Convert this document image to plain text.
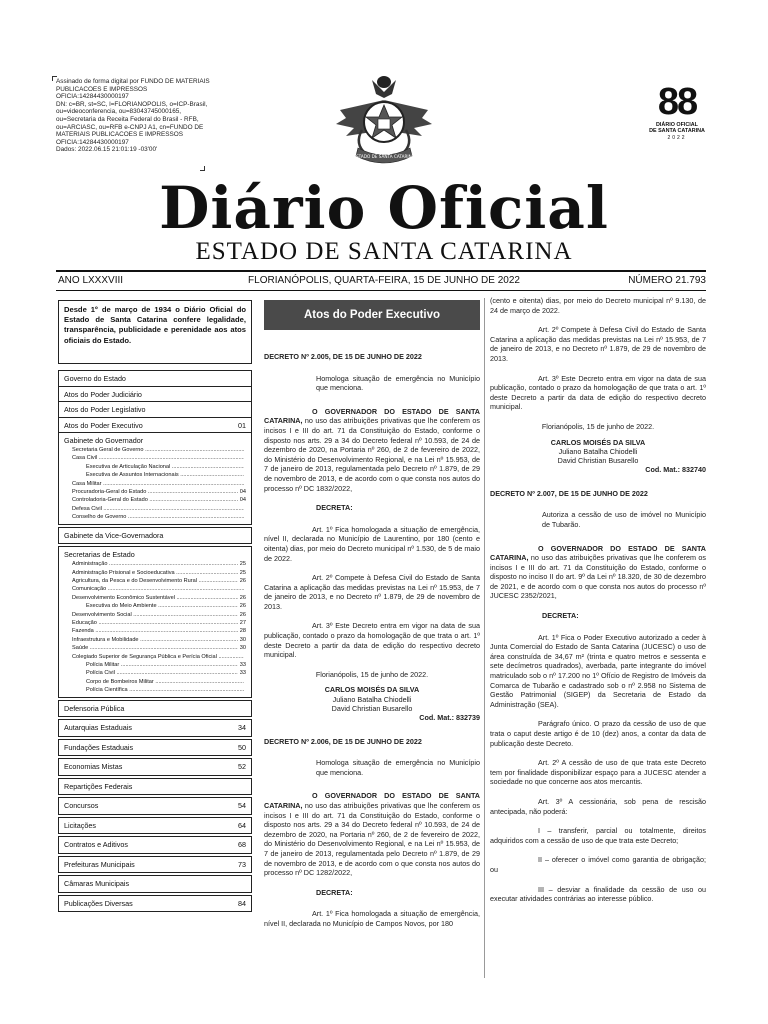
Assinado de forma digital por FUNDO DE MATERIAIS PUBLICACOES E IMPRESSOS OFICIA:14284430000197
DN: c=BR, st=SC, l=FLORIANOPOLIS, o=ICP-Brasil, ou=videoconferencia, ou=83043745000165, ou=Secretaria da Receita Federal do Brasil - RFB, ou=ARCIASC, ou=RFB e-CNPJ A1, cn=FUNDO DE MATERIAIS PUBLICACOES E IMPRESSOS OFICIA:14284430000197
Dados: 2022.06.15 21:01:19 -03'00'
ESTADO DE SANTA CATARINA
88
DIÁRIO OFICIAL
DE SANTA CATARINA
2022
Diário Oficial
ESTADO DE SANTA CATARINA
ANO LXXXVIII	FLORIANÓPOLIS, QUARTA-FEIRA, 15 DE JUNHO DE 2022	NÚMERO 21.793
Desde 1º de março de 1934 o Diário Oficial do Estado de Santa Catarina confere legalidade, transparência, publicidade e perenidade aos atos oficiais do Estado.
Governo do Estado
Atos do Poder Judiciário
Atos do Poder Legislativo
Atos do Poder Executivo	01
Gabinete do Governador
Secretaria Geral de Governo .....
Casa Civil .....
Executiva de Articulação Nacional .....
Executiva de Assuntos Internacionais .....
Casa Militar .....
Procuradoria-Geral do Estado .....	04
Controladoria-Geral do Estado .....	04
Defesa Civil .....
Conselho de Governo .....
Gabinete da Vice-Governadora
Secretarias de Estado
Administração .....	25
Administração Prisional e Socioeducativa .....	25
Agricultura, da Pesca e do Desenvolvimento Rural .....	26
Comunicação .....
Desenvolvimento Econômico Sustentável .....	26
Executiva do Meio Ambiente .....	26
Desenvolvimento Social .....	26
Educação .....	27
Fazenda .....	28
Infraestrutura e Mobilidade .....	30
Saúde .....	30
Colegiado Superior de Segurança Pública e Perícia Oficial .....
Polícia Militar .....	33
Polícia Civil .....	33
Corpo de Bombeiros Militar .....
Polícia Científica .....
Defensoria Pública
Autarquias Estaduais	34
Fundações Estaduais	50
Economias Mistas	52
Repartições Federais
Concursos	54
Licitações	64
Contratos e Aditivos	68
Prefeituras Municipais	73
Câmaras Municipais
Publicações Diversas	84
Atos do Poder Executivo
DECRETO Nº 2.005, DE 15 DE JUNHO DE 2022
Homologa situação de emergência no Município que menciona.
O GOVERNADOR DO ESTADO DE SANTA CATARINA, no uso das atribuições privativas que lhe conferem os incisos I e III do art. 71 da Constituição do Estado, conforme o disposto nos arts. 29 a 34 do Decreto federal nº 10.593, de 24 de dezembro de 2020, na Portaria nº 260, de 2 de fevereiro de 2022, do Ministério do Desenvolvimento Regional, e na Lei nº 15.953, de 7 de janeiro de 2013, regulamentada pelo Decreto nº 1.879, de 29 de novembro de 2013, e de acordo com o que consta nos autos do processo nº DC 1832/2022,
DECRETA:
Art. 1º Fica homologada a situação de emergência, nível II, declarada no Município de Laurentino, por 180 (cento e oitenta) dias, por meio do Decreto municipal nº 1.530, de 5 de maio de 2022.
Art. 2º Compete à Defesa Civil do Estado de Santa Catarina a aplicação das medidas previstas na Lei nº 15.953, de 7 de janeiro de 2013, e no Decreto nº 1.879, de 29 de novembro de 2013.
Art. 3º Este Decreto entra em vigor na data de sua publicação, contado o prazo da homologação de que trata o art. 1º deste Decreto a partir da data de edição do respectivo decreto municipal.
Florianópolis, 15 de junho de 2022.
CARLOS MOISÉS DA SILVA
Juliano Batalha Chiodelli
David Christian Busarello
Cod. Mat.: 832739
DECRETO Nº 2.006, DE 15 DE JUNHO DE 2022
Homologa situação de emergência no Município que menciona.
O GOVERNADOR DO ESTADO DE SANTA CATARINA, no uso das atribuições privativas que lhe conferem os incisos I e III do art. 71 da Constituição do Estado, conforme o disposto nos arts. 29 a 34 do Decreto federal nº 10.593, de 24 de dezembro de 2020, na Portaria nº 260, de 2 de fevereiro de 2022, do Ministério do Desenvolvimento Regional, e na Lei nº 15.953, de 7 de janeiro de 2013, regulamentada pelo Decreto nº 1.879, de 29 de novembro de 2013, e de acordo com o que consta nos autos do processo nº DC 1282/2022,
DECRETA:
Art. 1º Fica homologada a situação de emergência, nível II, declarada no Município de Campos Novos, por 180
(cento e oitenta) dias, por meio do Decreto municipal nº 9.130, de 24 de março de 2022.
Art. 2º Compete à Defesa Civil do Estado de Santa Catarina a aplicação das medidas previstas na Lei nº 15.953, de 7 de janeiro de 2013, e no Decreto nº 1.879, de 29 de novembro de 2013.
Art. 3º Este Decreto entra em vigor na data de sua publicação, contado o prazo da homologação de que trata o art. 1º deste Decreto a partir da data de edição do respectivo decreto municipal.
Florianópolis, 15 de junho de 2022.
CARLOS MOISÉS DA SILVA
Juliano Batalha Chiodelli
David Christian Busarello
Cod. Mat.: 832740
DECRETO Nº 2.007, DE 15 DE JUNHO DE 2022
Autoriza a cessão de uso de imóvel no Município de Tubarão.
O GOVERNADOR DO ESTADO DE SANTA CATARINA, no uso das atribuições privativas que lhe conferem os incisos I e III do art. 71 da Constituição do Estado, conforme o disposto no inciso II do art. 9º da Lei nº 18.320, de 30 de dezembro de 2021, e de acordo com o que consta nos autos do processo nº JUCESC 2352/2021,
DECRETA:
Art. 1º Fica o Poder Executivo autorizado a ceder à Junta Comercial do Estado de Santa Catarina (JUCESC) o uso de área construída de 34,67 m² (trinta e quatro metros e sessenta e sete decímetros quadrados), averbada, parte integrante do imóvel matriculado sob o nº 17.200 no 1º Ofício de Registro de Imóveis da Comarca de Tubarão e cadastrado sob o nº 2.958 no Sistema de Gestão Patrimonial (SIGEP) da Secretaria de Estado da Administração (SEA).
Parágrafo único. O prazo da cessão de uso de que trata o caput deste artigo é de 10 (dez) anos, a contar da data de publicação deste Decreto.
Art. 2º A cessão de uso de que trata este Decreto tem por finalidade disponibilizar espaço para a JUCESC atender a sociedade no que concerne aos atos mercantis.
Art. 3º A cessionária, sob pena de rescisão antecipada, não poderá:
I – transferir, parcial ou totalmente, direitos adquiridos com a cessão de uso de que trata este Decreto;
II – oferecer o imóvel como garantia de obrigação; ou
III – desviar a finalidade da cessão de uso ou executar atividades contrárias ao interesse público.
